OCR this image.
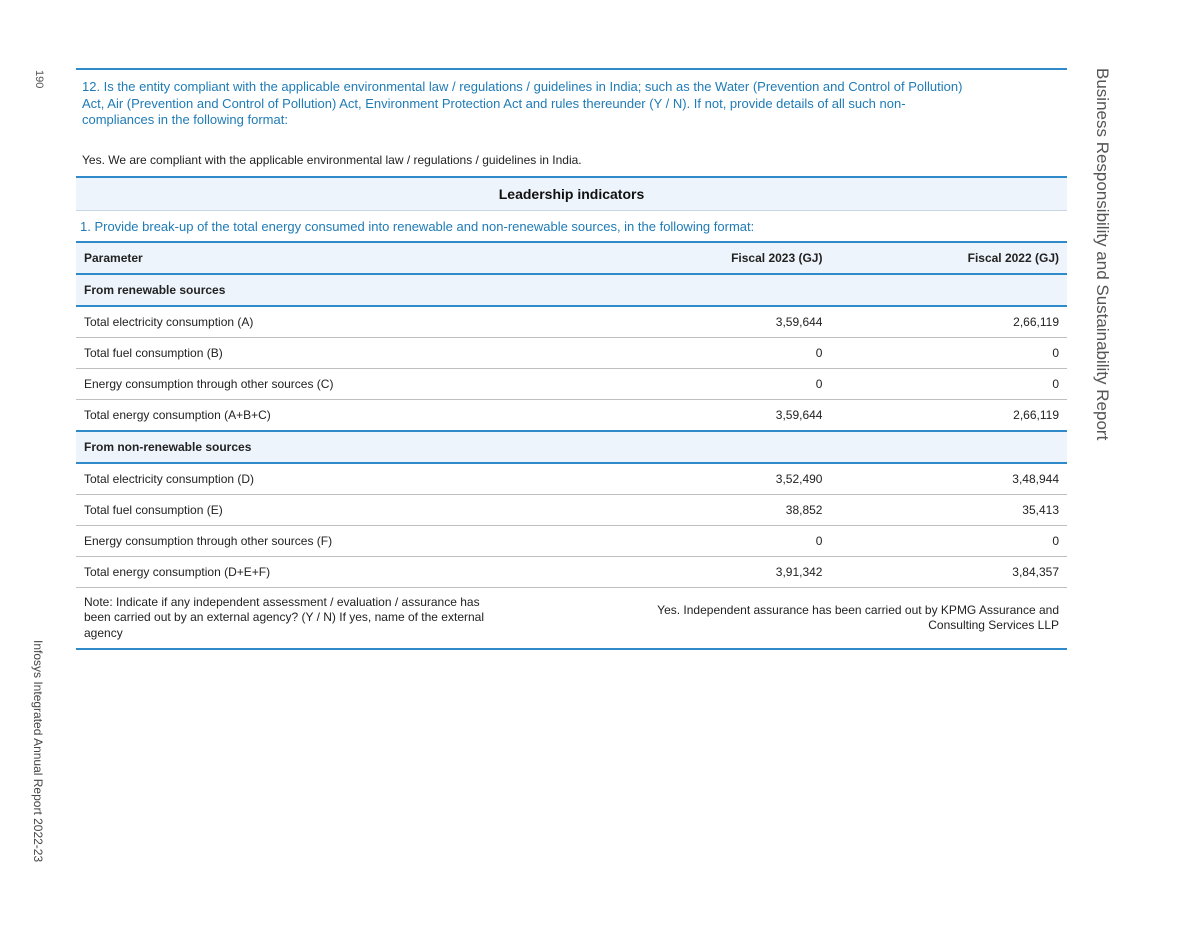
190
Infosys Integrated Annual Report 2022-23
Business Responsibility and Sustainability Report
12. Is the entity compliant with the applicable environmental law / regulations / guidelines in India; such as the Water (Prevention and Control of Pollution) Act, Air (Prevention and Control of Pollution) Act, Environment Protection Act and rules thereunder (Y / N). If not, provide details of all such non-compliances in the following format:
Yes. We are compliant with the applicable environmental law / regulations / guidelines in India.
Leadership indicators
1. Provide break-up of the total energy consumed into renewable and non-renewable sources, in the following format:
Parameter	Fiscal 2023 (GJ)	Fiscal 2022 (GJ)
From renewable sources		
Total electricity consumption (A)	3,59,644	2,66,119
Total fuel consumption (B)	0	0
Energy consumption through other sources (C)	0	0
Total energy consumption (A+B+C)	3,59,644	2,66,119
From non-renewable sources		
Total electricity consumption (D)	3,52,490	3,48,944
Total fuel consumption (E)	38,852	35,413
Energy consumption through other sources (F)	0	0
Total energy consumption (D+E+F)	3,91,342	3,84,357
Note: Indicate if any independent assessment / evaluation / assurance has been carried out by an external agency? (Y / N) If yes, name of the external agency	Yes. Independent assurance has been carried out by KPMG Assurance and Consulting Services LLP	
